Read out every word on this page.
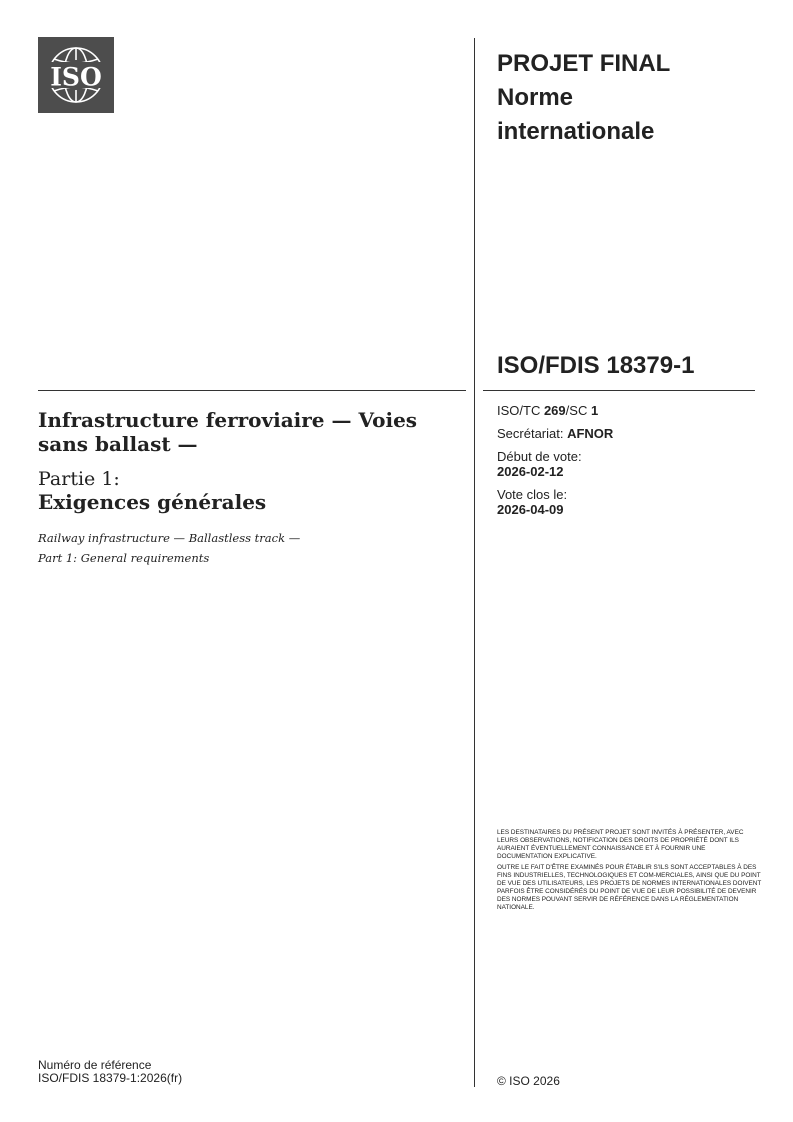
ISO	PROJET FINAL

Norme

internationale

ISO/FDIS 18379-1

ISO/TC 269/SC 1

Secrétariat: AFNOR

Début de vote:

2026-02-12

Vote clos le:

2026-04-09

Infrastructure ferroviaire — Voies sans ballast —

Partie 1:

Exigences générales

Railway infrastructure — Ballastless track —

Part 1: General requirements

LES DESTINATAIRES DU PRÉSENT PROJET SONT INVITÉS À PRÉSENTER, AVEC LEURS OBSERVATIONS, NOTIFICATION DES DROITS DE PROPRIÉTÉ DONT ILS AURAIENT ÉVENTUELLEMENT CONNAISSANCE ET À FOURNIR UNE DOCUMENTATION EXPLICATIVE.

OUTRE LE FAIT D'ÊTRE EXAMINÉS POUR ÉTABLIR S'ILS SONT ACCEPTABLES À DES FINS INDUSTRIELLES, TECHNOLOGIQUES ET COM-MERCIALES, AINSI QUE DU POINT DE VUE DES UTILISATEURS, LES PROJETS DE NORMES INTERNATIONALES DOIVENT PARFOIS ÊTRE CONSIDÉRÉS DU POINT DE VUE DE LEUR POSSIBILITÉ DE DEVENIR DES NORMES POUVANT SERVIR DE RÉFÉRENCE DANS LA RÉGLEMENTATION NATIONALE.

Numéro de référence

ISO/FDIS 18379-1:2026(fr)	© ISO 2026
